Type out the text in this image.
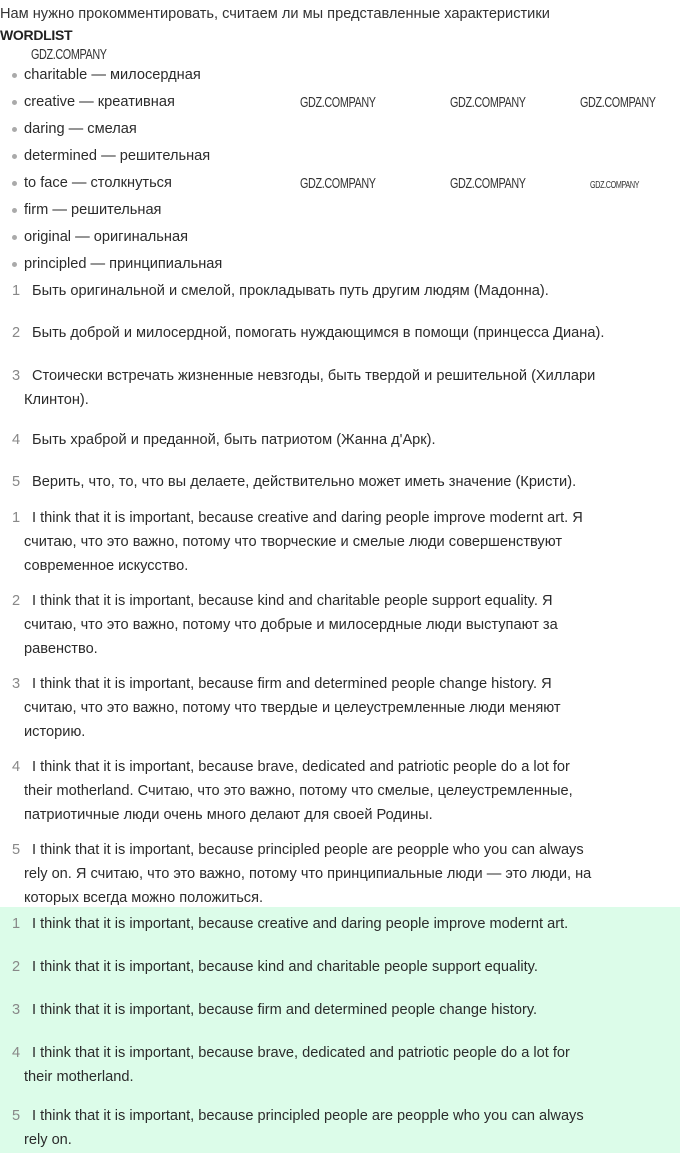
Нам нужно прокомментировать, считаем ли мы представленные характеристики
WORDLIST
charitable — милосердная
creative — креативная
daring — смелая
determined — решительная
to face — столкнуться
firm — решительная
original — оригинальная
principled — принципиальная
1 Быть оригинальной и смелой, прокладывать путь другим людям (Мадонна).
2 Быть доброй и милосердной, помогать нуждающимся в помощи (принцесса Диана).
3 Стоически встречать жизненные невзгоды, быть твердой и решительной (Хиллари
Клинтон).
4 Быть храброй и преданной, быть патриотом (Жанна д'Арк).
5 Верить, что, то, что вы делаете, действительно может иметь значение (Кристи).
1 I think that it is important, because creative and daring people improve modernt art. Я
считаю, что это важно, потому что творческие и смелые люди совершенствуют
современное искусство.
2 I think that it is important, because kind and charitable people support equality. Я
считаю, что это важно, потому что добрые и милосердные люди выступают за
равенство.
3 I think that it is important, because firm and determined people change history. Я
считаю, что это важно, потому что твердые и целеустремленные люди меняют
историю.
4 I think that it is important, because brave, dedicated and patriotic people do a lot for
their motherland. Считаю, что это важно, потому что смелые, целеустремленные,
патриотичные люди очень много делают для своей Родины.
5 I think that it is important, because principled people are peopple who you can always
rely on. Я считаю, что это важно, потому что принципиальные люди — это люди, на
которых всегда можно положиться.
1 I think that it is important, because creative and daring people improve modernt art.
2 I think that it is important, because kind and charitable people support equality.
3 I think that it is important, because firm and determined people change history.
4 I think that it is important, because brave, dedicated and patriotic people do a lot for
their motherland.
5 I think that it is important, because principled people are peopple who you can always
rely on.
GDZ.COMPANY
GDZ.COMPANY	GDZ.COMPANY	GDZ.COMPANY
GDZ.COMPANY	GDZ.COMPANY	GDZ.COMPANY
